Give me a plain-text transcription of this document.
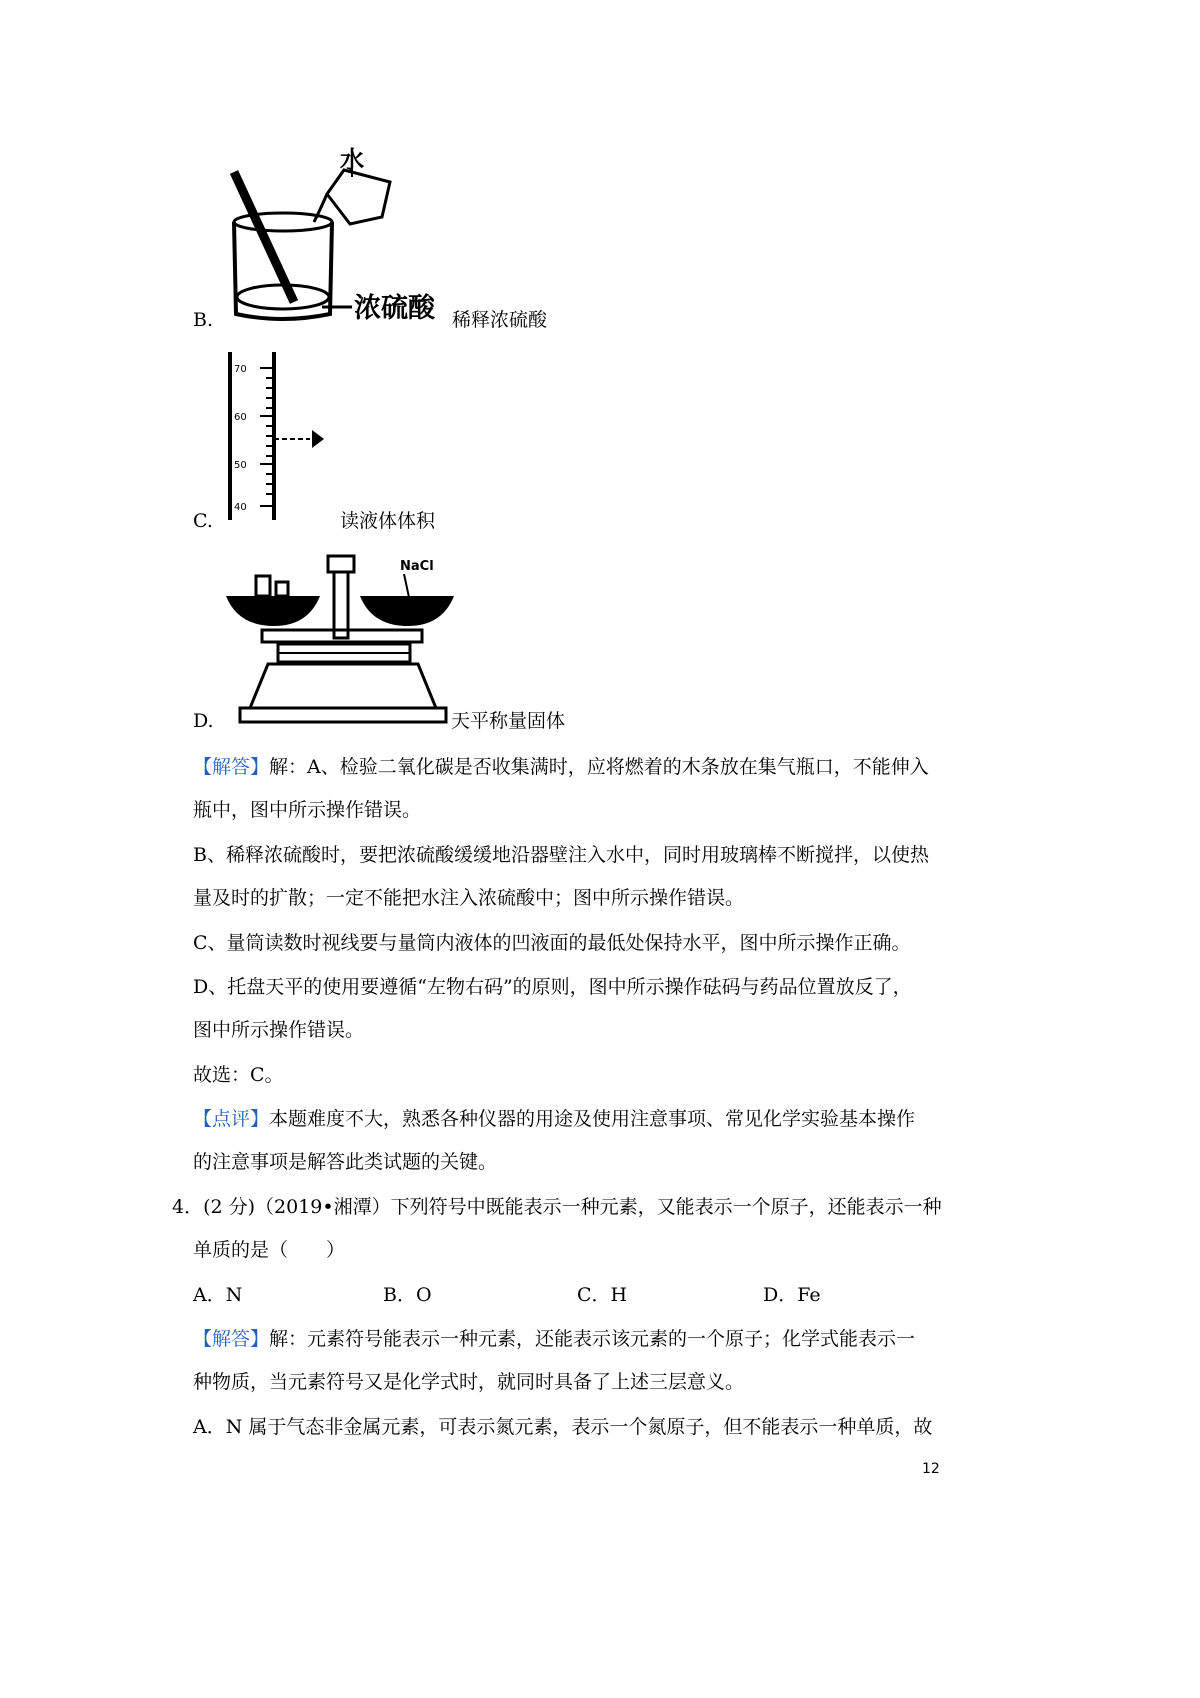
B.
水
浓硫酸 稀释浓硫酸
C.
70
60
50
40
读液体体积
D.
NaCl
天平称量固体
【解答】解：A、检验二氧化碳是否收集满时，应将燃着的木条放在集气瓶口，不能伸入
瓶中，图中所示操作错误。
B、稀释浓硫酸时，要把浓硫酸缓缓地沿器壁注入水中，同时用玻璃棒不断搅拌，以使热
量及时的扩散；一定不能把水注入浓硫酸中；图中所示操作错误。
C、量筒读数时视线要与量筒内液体的凹液面的最低处保持水平，图中所示操作正确。
D、托盘天平的使用要遵循“左物右码”的原则，图中所示操作砝码与药品位置放反了，
图中所示操作错误。
故选：C。
【点评】本题难度不大，熟悉各种仪器的用途及使用注意事项、常见化学实验基本操作
的注意事项是解答此类试题的关键。
4．(2 分)（2019•湘潭）下列符号中既能表示一种元素，又能表示一个原子，还能表示一种
单质的是（　　）
A．N	B．O	C．H	D．Fe
【解答】解：元素符号能表示一种元素，还能表示该元素的一个原子；化学式能表示一
种物质，当元素符号又是化学式时，就同时具备了上述三层意义。
A．N 属于气态非金属元素，可表示氮元素，表示一个氮原子，但不能表示一种单质，故
12
